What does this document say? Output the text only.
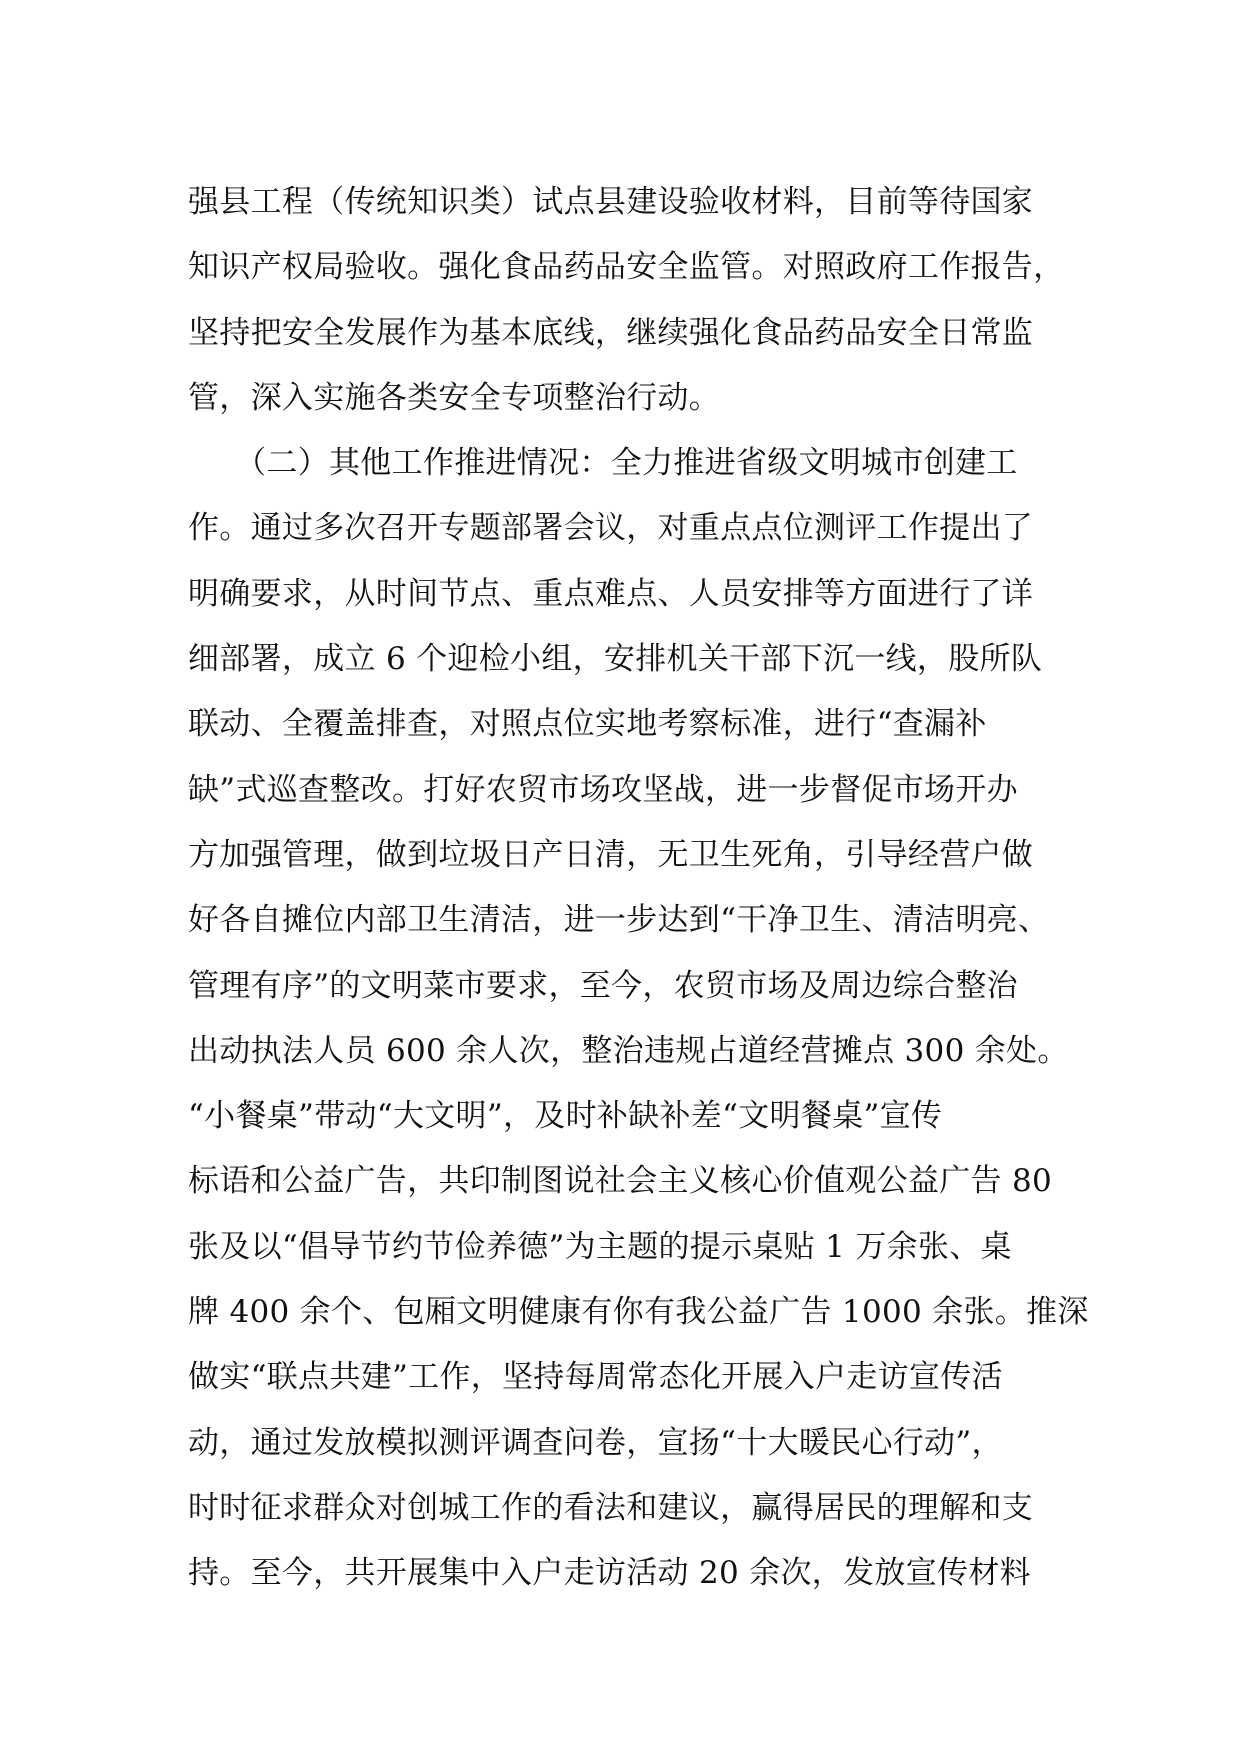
强县工程（传统知识类）试点县建设验收材料，目前等待国家
知识产权局验收。强化食品药品安全监管。对照政府工作报告，
坚持把安全发展作为基本底线，继续强化食品药品安全日常监
管，深入实施各类安全专项整治行动。
　　（二）其他工作推进情况：全力推进省级文明城市创建工
作。通过多次召开专题部署会议，对重点点位测评工作提出了
明确要求，从时间节点、重点难点、人员安排等方面进行了详
细部署，成立 6 个迎检小组，安排机关干部下沉一线，股所队
联动、全覆盖排查，对照点位实地考察标准，进行“查漏补
缺”式巡查整改。打好农贸市场攻坚战，进一步督促市场开办
方加强管理，做到垃圾日产日清，无卫生死角，引导经营户做
好各自摊位内部卫生清洁，进一步达到“干净卫生、清洁明亮、
管理有序”的文明菜市要求，至今，农贸市场及周边综合整治
出动执法人员 600 余人次，整治违规占道经营摊点 300 余处。
“小餐桌”带动“大文明”，及时补缺补差“文明餐桌”宣传
标语和公益广告，共印制图说社会主义核心价值观公益广告 80
张及以“倡导节约节俭养德”为主题的提示桌贴 1 万余张、桌
牌 400 余个、包厢文明健康有你有我公益广告 1000 余张。推深
做实“联点共建”工作，坚持每周常态化开展入户走访宣传活
动，通过发放模拟测评调查问卷，宣扬“十大暖民心行动”，
时时征求群众对创城工作的看法和建议，赢得居民的理解和支
持。至今，共开展集中入户走访活动 20 余次，发放宣传材料
